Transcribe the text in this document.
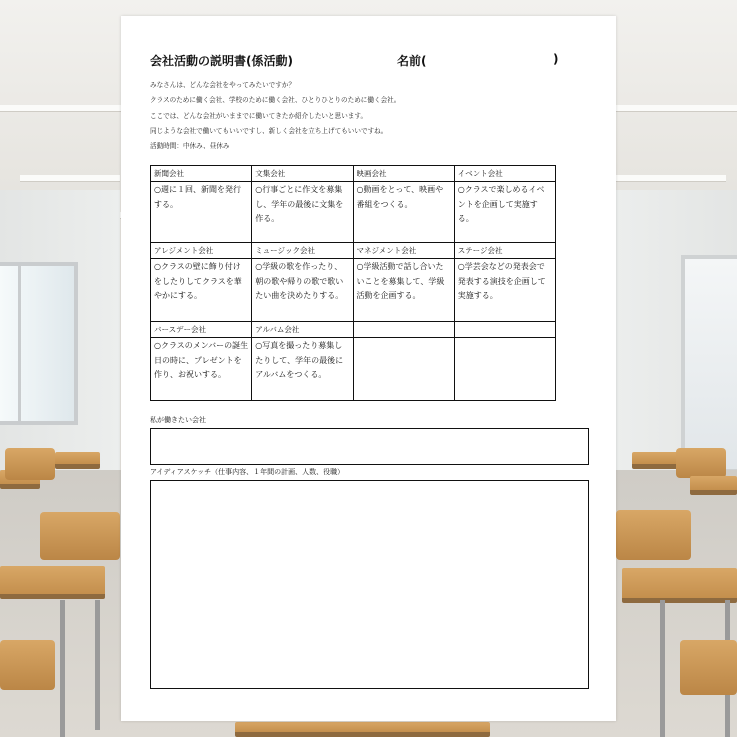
会社活動の説明書(係活動)	名前(	)
みなさんは、どんな会社をやってみたいですか？
クラスのために働く会社、学校のために働く会社、ひとりひとりのために働く会社。
ここでは、どんな会社がいままでに働いてきたか紹介したいと思います。
同じような会社で働いてもいいですし、新しく会社を立ち上げてもいいですね。
活動時間：中休み、昼休み
新聞会社	文集会社	映画会社	イベント会社
○週に１回、新聞を発行する。	○行事ごとに作文を募集し、学年の最後に文集を作る。	○動画をとって、映画や番組をつくる。	○クラスで楽しめるイベントを企画して実施する。
アレジメント会社	ミュージック会社	マネジメント会社	ステージ会社
○クラスの壁に飾り付けをしたりしてクラスを華やかにする。	○学級の歌を作ったり、朝の歌や帰りの歌で歌いたい曲を決めたりする。	○学級活動で話し合いたいことを募集して、学級活動を企画する。	○学芸会などの発表会で発表する演技を企画して実施する。
バースデー会社	アルバム会社		
○クラスのメンバーの誕生日の時に、プレゼントを作り、お祝いする。	○写真を撮ったり募集したりして、学年の最後にアルバムをつくる。		
私が働きたい会社
アイディアスケッチ（仕事内容、１年間の計画、人数、役職）
